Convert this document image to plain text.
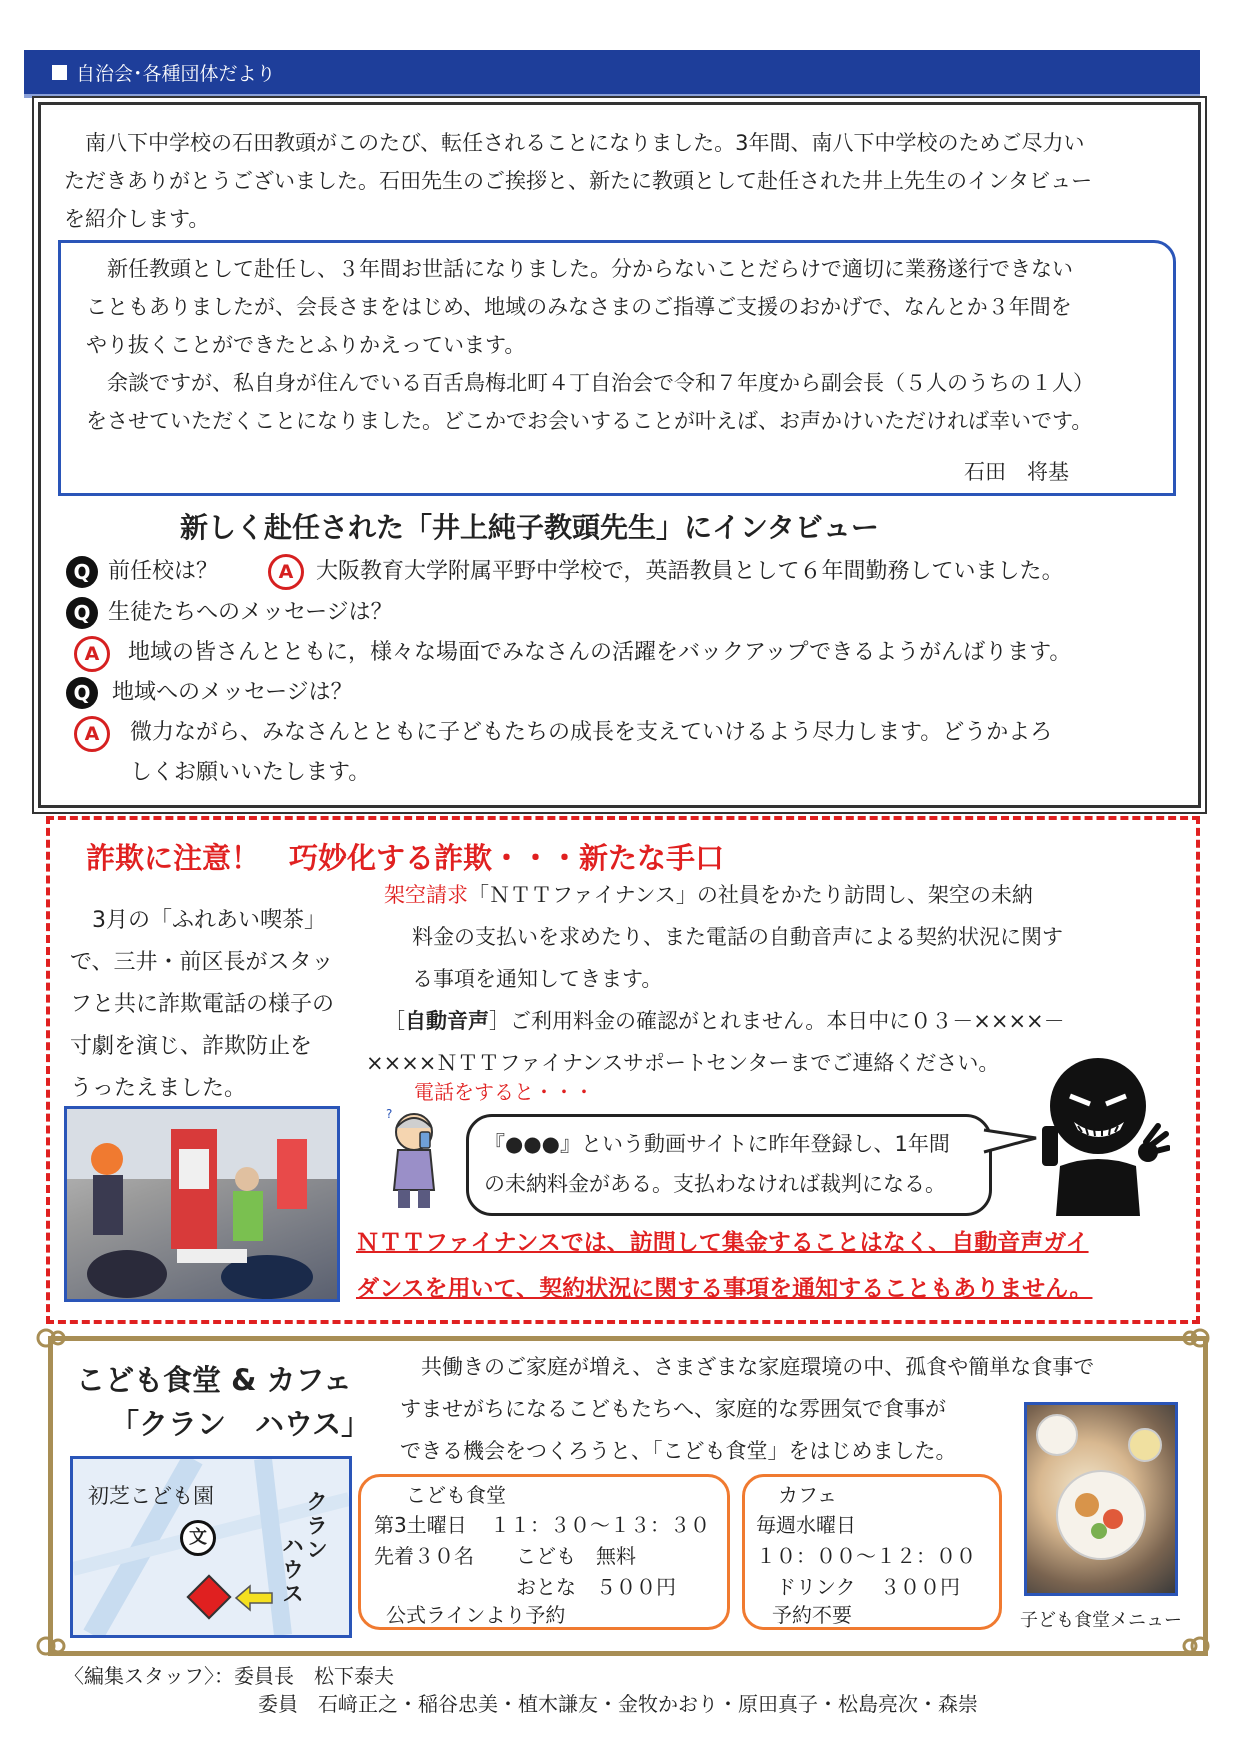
自治会･各種団体だより
　南八下中学校の石田教頭がこのたび、転任されることになりました。3年間、南八下中学校のためご尽力い
ただきありがとうございました。石田先生のご挨拶と、新たに教頭として赴任された井上先生のインタビュー
を紹介します。
　新任教頭として赴任し、３年間お世話になりました。分からないことだらけで適切に業務遂行できない
こともありましたが、会長さまをはじめ、地域のみなさまのご指導ご支援のおかげで、なんとか３年間を
やり抜くことができたとふりかえっています。
　余談ですが、私自身が住んでいる百舌鳥梅北町４丁自治会で令和７年度から副会長（５人のうちの１人）
をさせていただくことになりました。どこかでお会いすることが叶えば、お声かけいただければ幸いです。
石田　将基
新しく赴任された「井上純子教頭先生」にインタビュー
Q 前任校は？	A	大阪教育大学附属平野中学校で，英語教員として６年間勤務していました。
Q 生徒たちへのメッセージは？
A	地域の皆さんとともに，様々な場面でみなさんの活躍をバックアップできるようがんばります。
Q 地域へのメッセージは？
A	微力ながら、みなさんとともに子どもたちの成長を支えていけるよう尽力します。どうかよろ
しくお願いいたします。
詐欺に注意！　巧妙化する詐欺・・・新たな手口
　3月の「ふれあい喫茶」
で、三井・前区長がスタッ
フと共に詐欺電話の様子の
寸劇を演じ、詐欺防止を
うったえました。
架空請求「ＮＴＴファイナンス」の社員をかたり訪問し、架空の未納
料金の支払いを求めたり、また電話の自動音声による契約状況に関す
る事項を通知してきます。
［自動音声］ご利用料金の確認がとれません。本日中に０３－××××－
××××ＮＴＴファイナンスサポートセンターまでご連絡ください。
電話をすると・・・
?
『●●●』という動画サイトに昨年登録し、1年間
の未納料金がある。支払わなければ裁判になる。
ＮＴＴファイナンスでは、訪問して集金することはなく、自動音声ガイ
ダンスを用いて、契約状況に関する事項を通知することもありません。
こども食堂 & カフェ
「クラン　ハウス」
初芝こども園
文
クラ
ン
ハウス
　共働きのご家庭が増え、さまざまな家庭環境の中、孤食や簡単な食事で
すませがちになるこどもたちへ、家庭的な雰囲気で食事が
できる機会をつくろうと、「こども食堂」をはじめました。
こども食堂
第3土曜日 １１：３０～１３：３０
先着３０名 こども 無料
おとな ５００円
公式ラインより予約
カフェ
毎週水曜日
１０：００～１２：００
ドリンク ３００円
予約不要	子ども食堂メニュー
〈編集スタッフ〉：委員長　松下泰夫
委員　石﨑正之・稲谷忠美・植木謙友・金牧かおり・原田真子・松島亮次・森崇
